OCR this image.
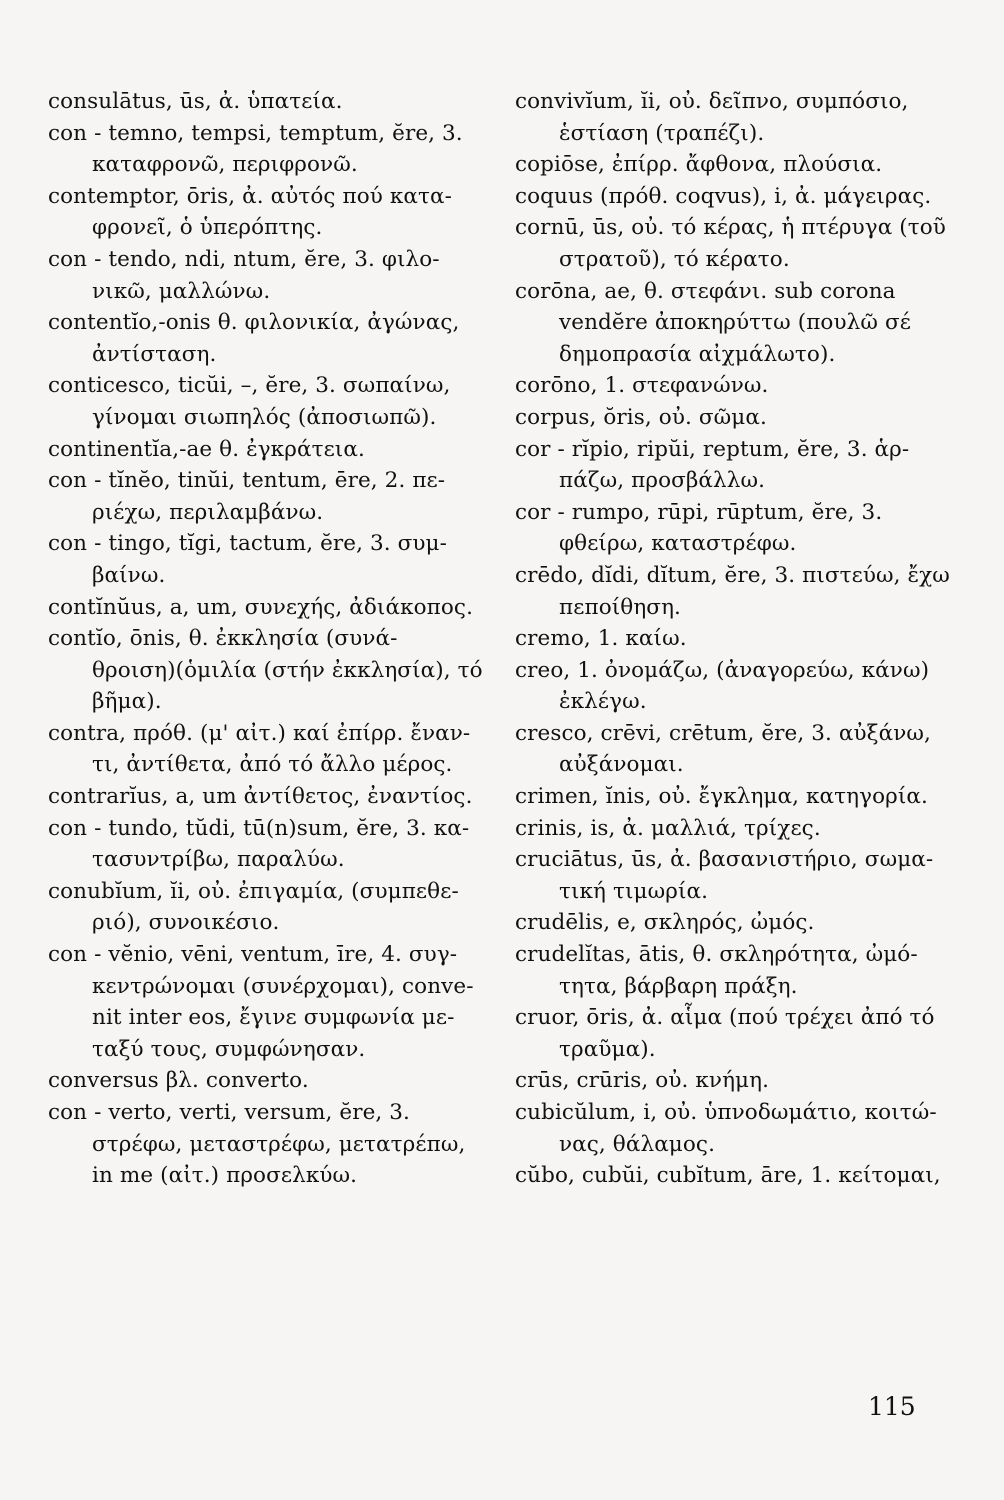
consulātus, ūs, ἀ. ὑπατεία.
con - temno, tempsi, temptum, ĕre, 3.
καταφρονῶ, περιφρονῶ.
contemptor, ōris, ἀ. αὐτός πού κατα-
φρονεῖ, ὁ ὑπερόπτης.
con - tendo, ndi, ntum, ĕre, 3. φιλο-
νικῶ, μαλλώνω.
contentĭo,-onis θ. φιλονικία, ἀγώνας,
ἀντίσταση.
conticesco, ticŭi, –, ĕre, 3. σωπαίνω,
γίνομαι σιωπηλός (ἀποσιωπῶ).
continentĭa,-ae θ. ἐγκράτεια.
con - tĭnĕo, tinŭi, tentum, ēre, 2. πε-
ριέχω, περιλαμβάνω.
con - tingo, tĭgi, tactum, ĕre, 3. συμ-
βαίνω.
contĭnŭus, a, um, συνεχής, ἀδιάκοπος.
contĭo, ōnis, θ. ἐκκλησία (συνά-
θροιση)(ὁμιλία (στήν ἐκκλησία), τό
βῆμα).
contra, πρόθ. (μ' αἰτ.) καί ἐπίρρ. ἔναν-
τι, ἀντίθετα, ἀπό τό ἄλλο μέρος.
contrarĭus, a, um ἀντίθετος, ἐναντίος.
con - tundo, tŭdi, tū(n)sum, ĕre, 3. κα-
τασυντρίβω, παραλύω.
conubĭum, ĭi, οὐ. ἐπιγαμία, (συμπεθε-
ριό), συνοικέσιο.
con - vĕnio, vēni, ventum, īre, 4. συγ-
κεντρώνομαι (συνέρχομαι), conve-
nit inter eos, ἔγινε συμφωνία με-
ταξύ τους, συμφώνησαν.
conversus βλ. converto.
con - verto, verti, versum, ĕre, 3.
στρέφω, μεταστρέφω, μετατρέπω,
in me (αἰτ.) προσελκύω.
convivĭum, ĭi, οὐ. δεῖπνο, συμπόσιο,
ἑστίαση (τραπέζι).
copiōse, ἐπίρρ. ἄφθονα, πλούσια.
coquus (πρόθ. coqvus), i, ἀ. μάγειρας.
cornū, ūs, οὐ. τό κέρας, ἡ πτέρυγα (τοῦ
στρατοῦ), τό κέρατο.
corōna, ae, θ. στεφάνι. sub corona
vendĕre ἀποκηρύττω (πουλῶ σέ
δημοπρασία αἰχμάλωτο).
corōno, 1. στεφανώνω.
corpus, ŏris, οὐ. σῶμα.
cor - rĭpio, ripŭi, reptum, ĕre, 3. ἁρ-
πάζω, προσβάλλω.
cor - rumpo, rūpi, rūptum, ĕre, 3.
φθείρω, καταστρέφω.
crēdo, dĭdi, dĭtum, ĕre, 3. πιστεύω, ἔχω
πεποίθηση.
cremo, 1. καίω.
creo, 1. ὀνομάζω, (ἀναγορεύω, κάνω)
ἐκλέγω.
cresco, crēvi, crētum, ĕre, 3. αὐξάνω,
αὐξάνομαι.
crimen, ĭnis, οὐ. ἔγκλημα, κατηγορία.
crinis, is, ἀ. μαλλιά, τρίχες.
cruciātus, ūs, ἀ. βασανιστήριο, σωμα-
τική τιμωρία.
crudēlis, e, σκληρός, ὠμός.
crudelĭtas, ātis, θ. σκληρότητα, ὠμό-
τητα, βάρβαρη πράξη.
cruor, ōris, ἀ. αἷμα (πού τρέχει ἀπό τό
τραῦμα).
crūs, crūris, οὐ. κνήμη.
cubicŭlum, i, οὐ. ὑπνοδωμάτιο, κοιτώ-
νας, θάλαμος.
cŭbo, cubŭi, cubĭtum, āre, 1. κείτομαι,
115
